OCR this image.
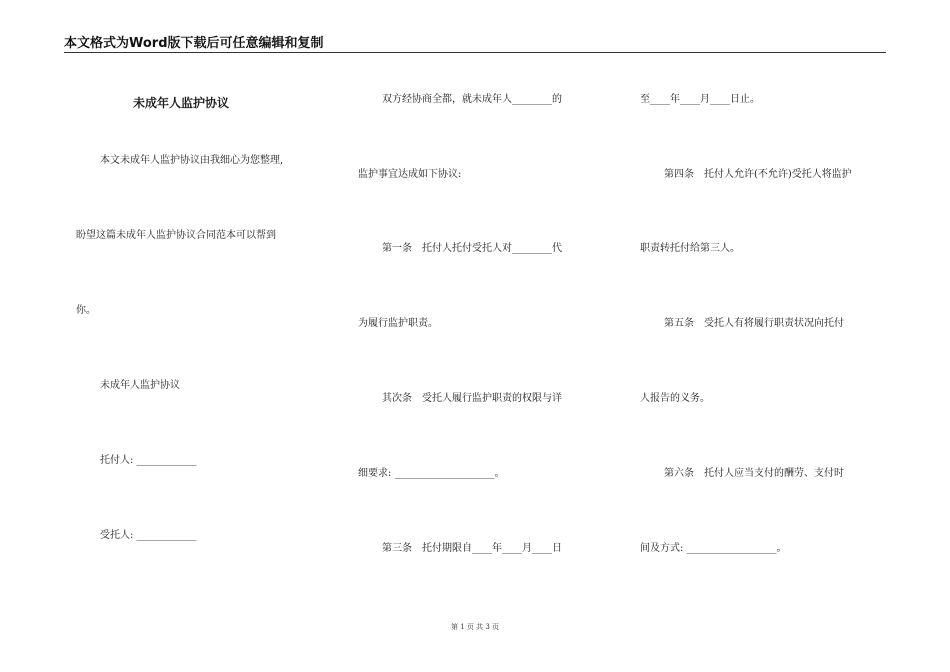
本文格式为Word版下载后可任意编辑和复制
未成年人监护协议
本文未成年人监护协议由我细心为您整理,
盼望这篇未成年人监护协议合同范本可以帮到
你。
未成年人监护协议
托付人: ____________
受托人: ____________
双方经协商全都，就未成年人________的
监护事宜达成如下协议:
第一条　托付人托付受托人对________代
为履行监护职责。
其次条　受托人履行监护职责的权限与详
细要求: ____________________。
第三条　托付期限自____年____月____日
至____年____月____日止。
第四条　托付人允许(不允许)受托人将监护
职责转托付给第三人。
第五条　受托人有将履行职责状况向托付
人报告的义务。
第六条　托付人应当支付的酬劳、支付时
间及方式: __________________。
第 1 页 共 3 页
